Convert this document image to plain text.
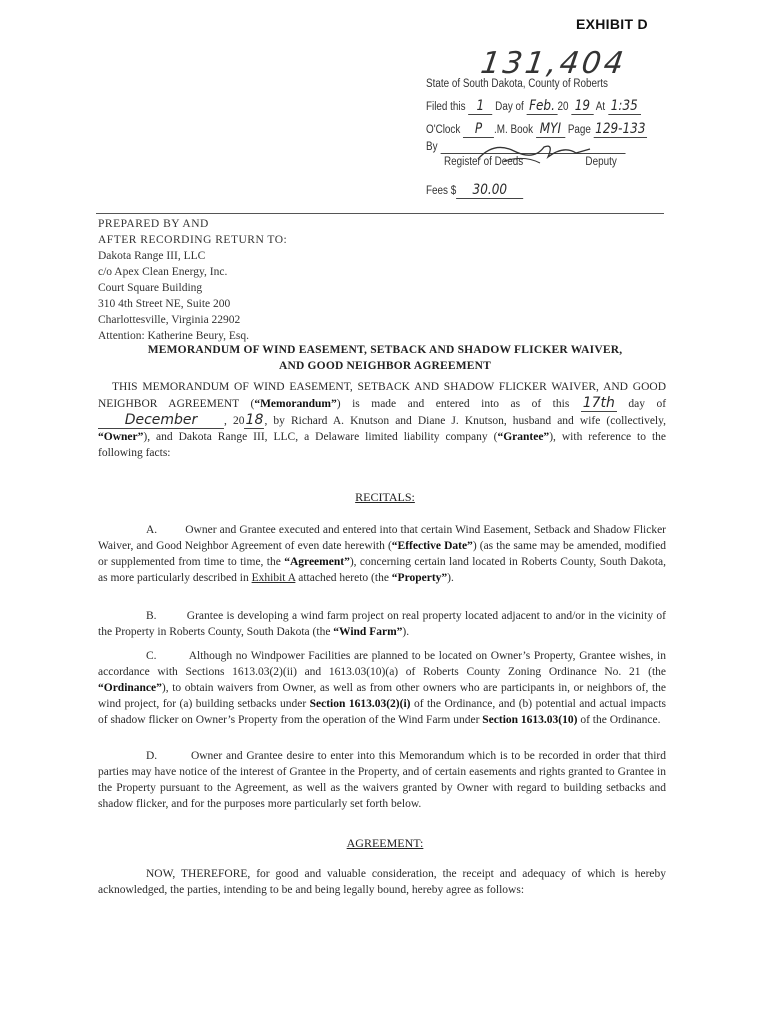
EXHIBIT D
131,404
State of South Dakota, County of Roberts
Filed this 1 Day of Feb. 20 19 At 1:35
O'Clock P .M. Book MYI Page 129-133
By
Register of Deeds	Deputy
Fees $ 30.00
PREPARED BY AND
AFTER RECORDING RETURN TO:
Dakota Range III, LLC
c/o Apex Clean Energy, Inc.
Court Square Building
310 4th Street NE, Suite 200
Charlottesville, Virginia 22902
Attention: Katherine Beury, Esq.
MEMORANDUM OF WIND EASEMENT, SETBACK AND SHADOW FLICKER WAIVER,
AND GOOD NEIGHBOR AGREEMENT
THIS MEMORANDUM OF WIND EASEMENT, SETBACK AND SHADOW FLICKER WAIVER, AND GOOD NEIGHBOR AGREEMENT (“Memorandum”) is made and entered into as of this 17th day of December , 2018, by Richard A. Knutson and Diane J. Knutson, husband and wife (collectively, “Owner”), and Dakota Range III, LLC, a Delaware limited liability company (“Grantee”), with reference to the following facts:
RECITALS:
A. Owner and Grantee executed and entered into that certain Wind Easement, Setback and Shadow Flicker Waiver, and Good Neighbor Agreement of even date herewith (“Effective Date”) (as the same may be amended, modified or supplemented from time to time, the “Agreement”), concerning certain land located in Roberts County, South Dakota, as more particularly described in Exhibit A attached hereto (the “Property”).
B.	Grantee is developing a wind farm project on real property located adjacent to and/or in the vicinity of the Property in Roberts County, South Dakota (the “Wind Farm”).
C.	Although no Windpower Facilities are planned to be located on Owner’s Property, Grantee wishes, in accordance with Sections 1613.03(2)(ii) and 1613.03(10)(a) of Roberts County Zoning Ordinance No. 21 (the “Ordinance”), to obtain waivers from Owner, as well as from other owners who are participants in, or neighbors of, the wind project, for (a) building setbacks under Section 1613.03(2)(i) of the Ordinance, and (b) potential and actual impacts of shadow flicker on Owner’s Property from the operation of the Wind Farm under Section 1613.03(10) of the Ordinance.
D.	Owner and Grantee desire to enter into this Memorandum which is to be recorded in order that third parties may have notice of the interest of Grantee in the Property, and of certain easements and rights granted to Grantee in the Property pursuant to the Agreement, as well as the waivers granted by Owner with regard to building setbacks and shadow flicker, and for the purposes more particularly set forth below.
AGREEMENT:
NOW, THEREFORE, for good and valuable consideration, the receipt and adequacy of which is hereby acknowledged, the parties, intending to be and being legally bound, hereby agree as follows:
